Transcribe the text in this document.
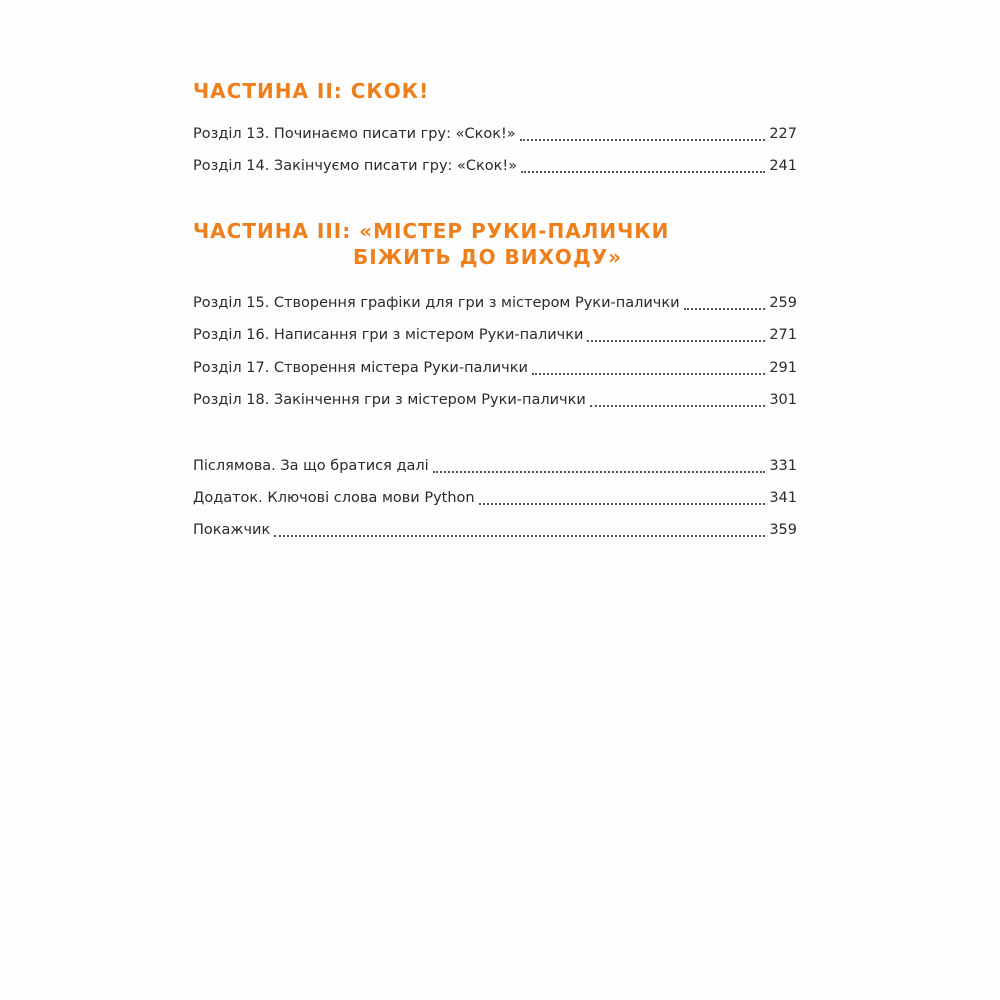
ЧАСТИНА II: СКОК!
Розділ 13. Починаємо писати гру: «Скок!»	227
Розділ 14. Закінчуємо писати гру: «Скок!»	241
ЧАСТИНА III: «МІСТЕР РУКИ-ПАЛИЧКИ
БІЖИТЬ ДО ВИХОДУ»
Розділ 15. Створення графіки для гри з містером Руки-палички	259
Розділ 16. Написання гри з містером Руки-палички	271
Розділ 17. Створення містера Руки-палички	291
Розділ 18. Закінчення гри з містером Руки-палички	301
Післямова. За що братися далі	331
Додаток. Ключові слова мови Python	341
Покажчик	359
